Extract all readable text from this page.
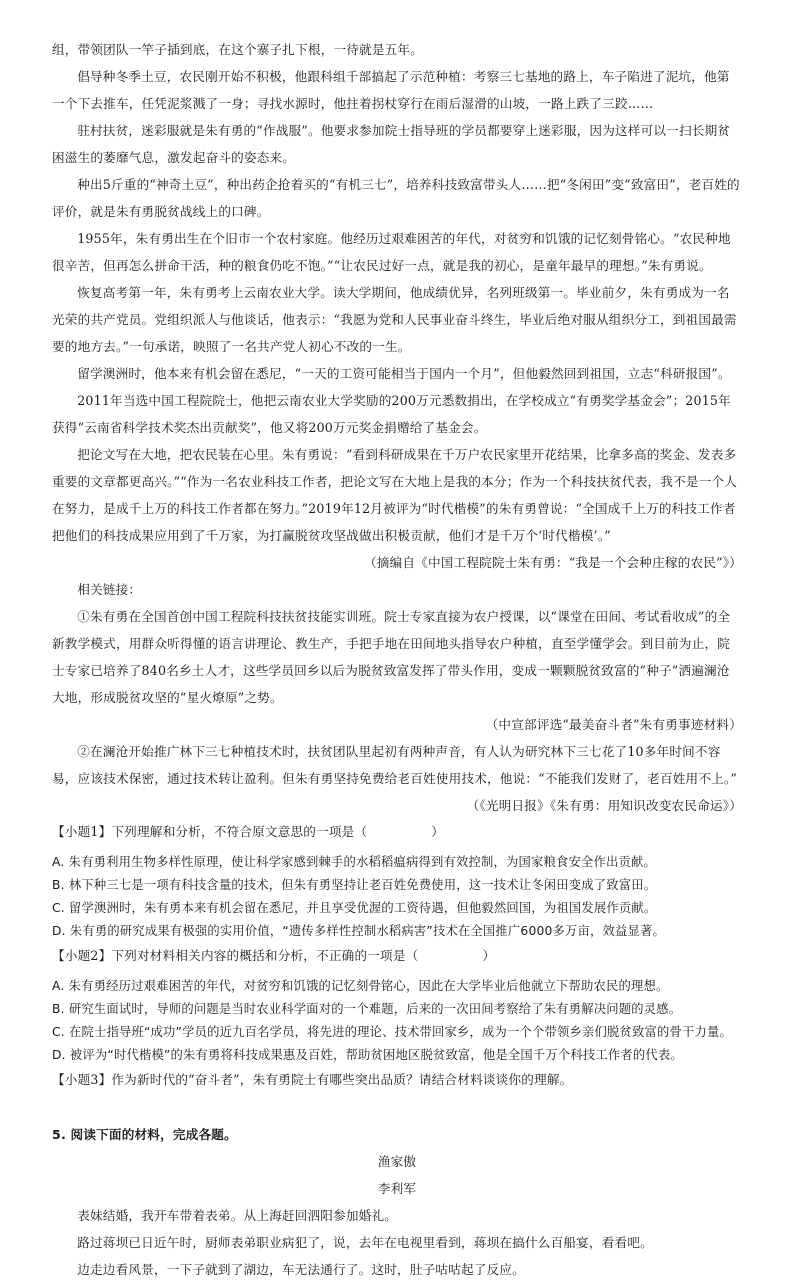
组，带领团队一竿子插到底，在这个寨子扎下根，一待就是五年。

倡导种冬季土豆，农民刚开始不积极，他跟科组千部搞起了示范种植：考察三七基地的路上，车子陷进了泥坑，他第一个下去推车，任凭泥浆溅了一身；寻找水源时，他拄着拐杖穿行在雨后湿滑的山坡，一路上跌了三跤……

驻村扶贫，迷彩服就是朱有勇的“作战服”。他要求参加院士指导班的学员都要穿上迷彩服，因为这样可以一扫长期贫困滋生的萎靡气息，激发起奋斗的姿态来。

种出5斤重的“神奇土豆”，种出药企抢着买的“有机三七”，培养科技致富带头人……把“冬闲田”变“致富田”，老百姓的评价，就是朱有勇脱贫战线上的口碑。

1955年，朱有勇出生在个旧市一个农村家庭。他经历过艰难困苦的年代，对贫穷和饥饿的记忆刻骨铭心。“农民种地很辛苦，但再怎么拼命干活，种的粮食仍吃不饱。”“让农民过好一点，就是我的初心，是童年最早的理想。”朱有勇说。

恢复高考第一年，朱有勇考上云南农业大学。读大学期间，他成绩优异，名列班级第一。毕业前夕，朱有勇成为一名光荣的共产党员。党组织派人与他谈话，他表示：“我愿为党和人民事业奋斗终生，毕业后绝对服从组织分工，到祖国最需要的地方去。”一句承诺，映照了一名共产党人初心不改的一生。

留学澳洲时，他本来有机会留在悉尼，“一天的工资可能相当于国内一个月”，但他毅然回到祖国，立志“科研报国”。

2011年当选中国工程院院士，他把云南农业大学奖励的200万元悉数捐出，在学校成立“有勇奖学基金会”；2015年获得“云南省科学技术奖杰出贡献奖”，他又将200万元奖金捐赠给了基金会。

把论文写在大地，把农民装在心里。朱有勇说：“看到科研成果在千万户农民家里开花结果，比拿多高的奖金、发表多重要的文章都更高兴。”“作为一名农业科技工作者，把论文写在大地上是我的本分；作为一个科技扶贫代表，我不是一个人在努力，是成千上万的科技工作者都在努力。”2019年12月被评为“时代楷模”的朱有勇曾说：“全国成千上万的科技工作者把他们的科技成果应用到了千万家，为打赢脱贫攻坚战做出积极贡献，他们才是千万个‘时代楷模’。”

（摘编自《中国工程院院士朱有勇：“我是一个会种庄稼的农民”》）

相关链接：

①朱有勇在全国首创中国工程院科技扶贫技能实训班。院士专家直接为农户授课，以“课堂在田间、考试看收成”的全新教学模式，用群众听得懂的语言讲理论、教生产，手把手地在田间地头指导农户种植，直至学懂学会。到目前为止，院士专家已培养了840名乡土人才，这些学员回乡以后为脱贫致富发挥了带头作用，变成一颗颗脱贫致富的“种子”洒遍澜沧大地，形成脱贫攻坚的“星火燎原”之势。

（中宣部评选“最美奋斗者”朱有勇事迹材料）

②在澜沧开始推广林下三七种植技术时，扶贫团队里起初有两种声音，有人认为研究林下三七花了10多年时间不容易，应该技术保密，通过技术转让盈利。但朱有勇坚持免费给老百姓使用技术，他说：“不能我们发财了，老百姓用不上。”

（《光明日报》《朱有勇：用知识改变农民命运》）

【小题1】下列理解和分析，不符合原文意思的一项是（	）

A. 朱有勇利用生物多样性原理，使让科学家感到棘手的水稻稻瘟病得到有效控制，为国家粮食安全作出贡献。

B. 林下种三七是一项有科技含量的技术，但朱有勇坚持让老百姓免费使用，这一技术让冬闲田变成了致富田。

C. 留学澳洲时，朱有勇本来有机会留在悉尼，并且享受优渥的工资待遇，但他毅然回国，为祖国发展作贡献。

D. 朱有勇的研究成果有极强的实用价值，“遗传多样性控制水稻病害”技术在全国推广6000多万亩，效益显著。

【小题2】下列对材料相关内容的概括和分析，不正确的一项是（	）

A. 朱有勇经历过艰难困苦的年代，对贫穷和饥饿的记忆刻骨铭心，因此在大学毕业后他就立下帮助农民的理想。

B. 研究生面试时，导师的问题是当时农业科学面对的一个难题，后来的一次田间考察给了朱有勇解决问题的灵感。

C. 在院士指导班“成功”学员的近九百名学员，将先进的理论、技术带回家乡，成为一个个带领乡亲们脱贫致富的骨干力量。

D. 被评为“时代楷模”的朱有勇将科技成果惠及百姓，帮助贫困地区脱贫致富，他是全国千万个科技工作者的代表。

【小题3】作为新时代的“奋斗者”，朱有勇院士有哪些突出品质？请结合材料谈谈你的理解。

5. 阅读下面的材料，完成各题。

渔家傲

李利军

表妹结婚，我开车带着表弟。从上海赶回泗阳参加婚礼。

路过蒋坝已日近午时，厨师表弟职业病犯了，说，去年在电视里看到，蒋坝在搞什么百船宴，看看吧。

边走边看风景，一下子就到了湖边，车无法通行了。这时，肚子咕咕起了反应。
